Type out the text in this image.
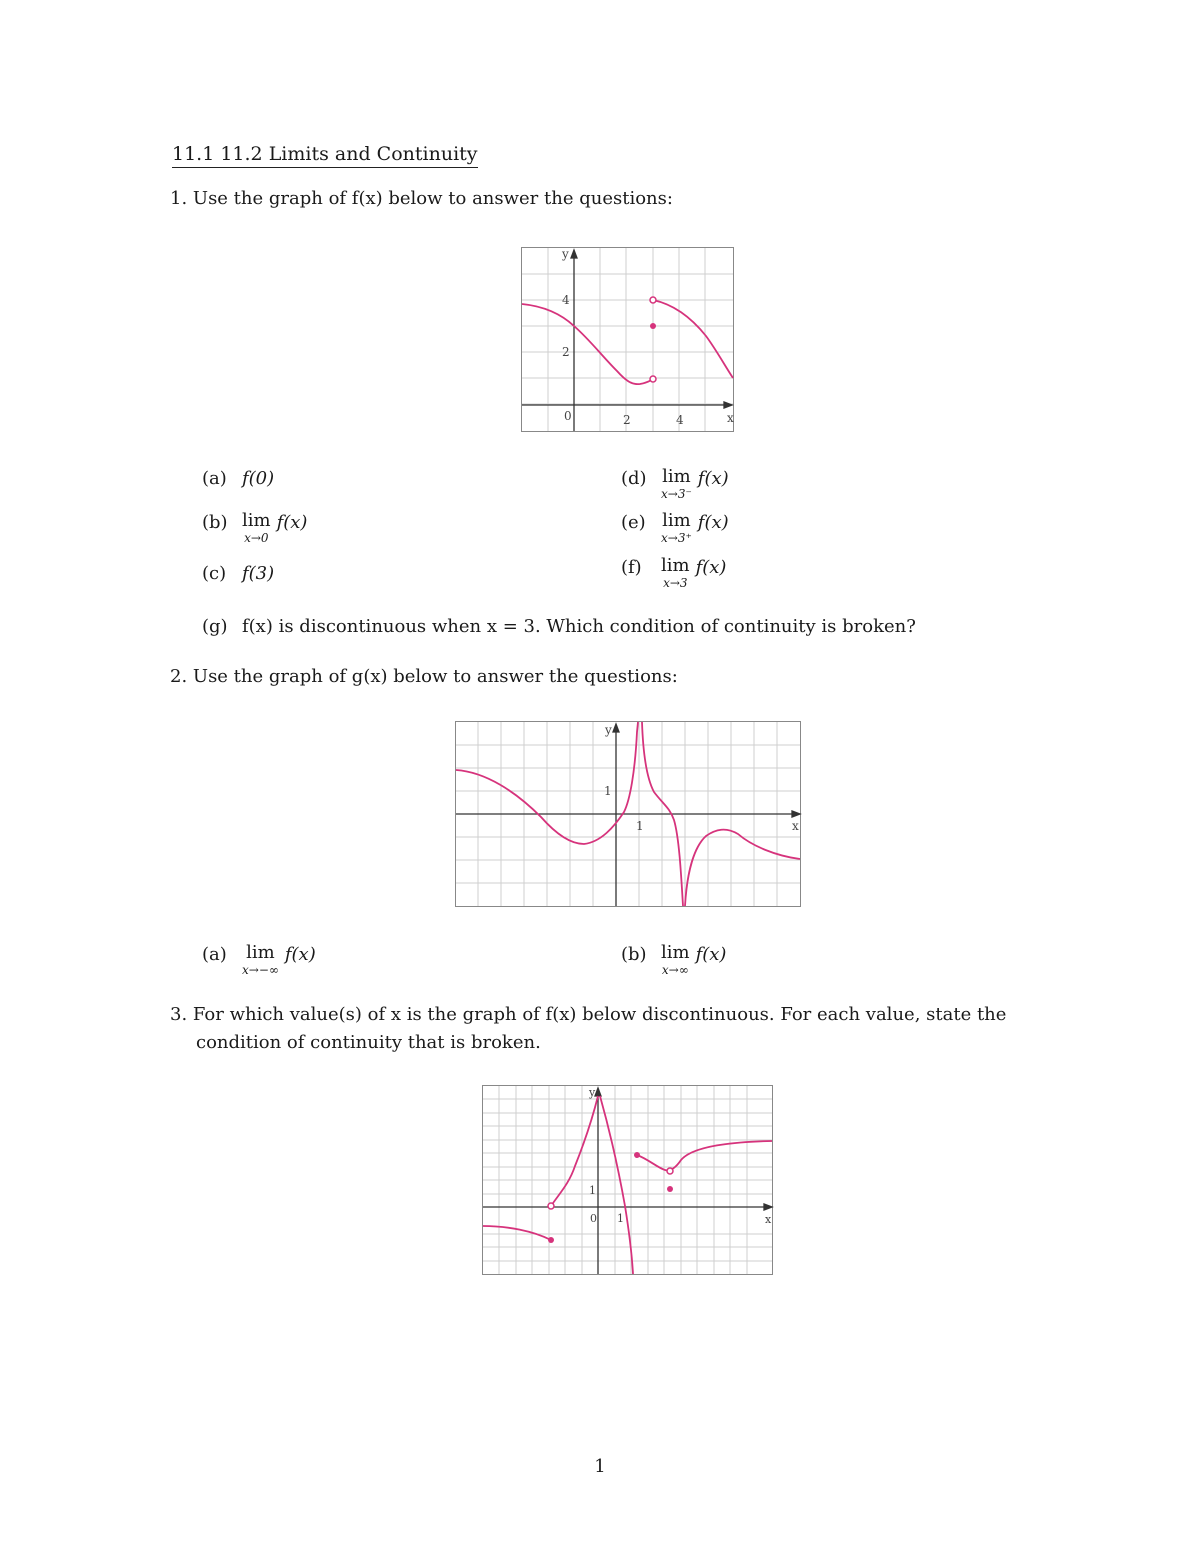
11.1 11.2 Limits and Continuity
1. Use the graph of f(x) below to answer the questions:
y
x
0	2	4
2
4
(a) f(0)
(b) lim
x→0
f(x)
(c) f(3)
(d) lim
x→3⁻
f(x)
(e) lim
x→3⁺
f(x)
(f) lim
x→3
f(x)
(g) f(x) is discontinuous when x = 3. Which condition of continuity is broken?
2. Use the graph of g(x) below to answer the questions:
y
x
1
1
(a) lim
x→−∞
f(x)	(b) lim
x→∞
f(x)
3. For which value(s) of x is the graph of f(x) below discontinuous. For each value, state the
condition of continuity that is broken.
y
x
0 1
1
1
